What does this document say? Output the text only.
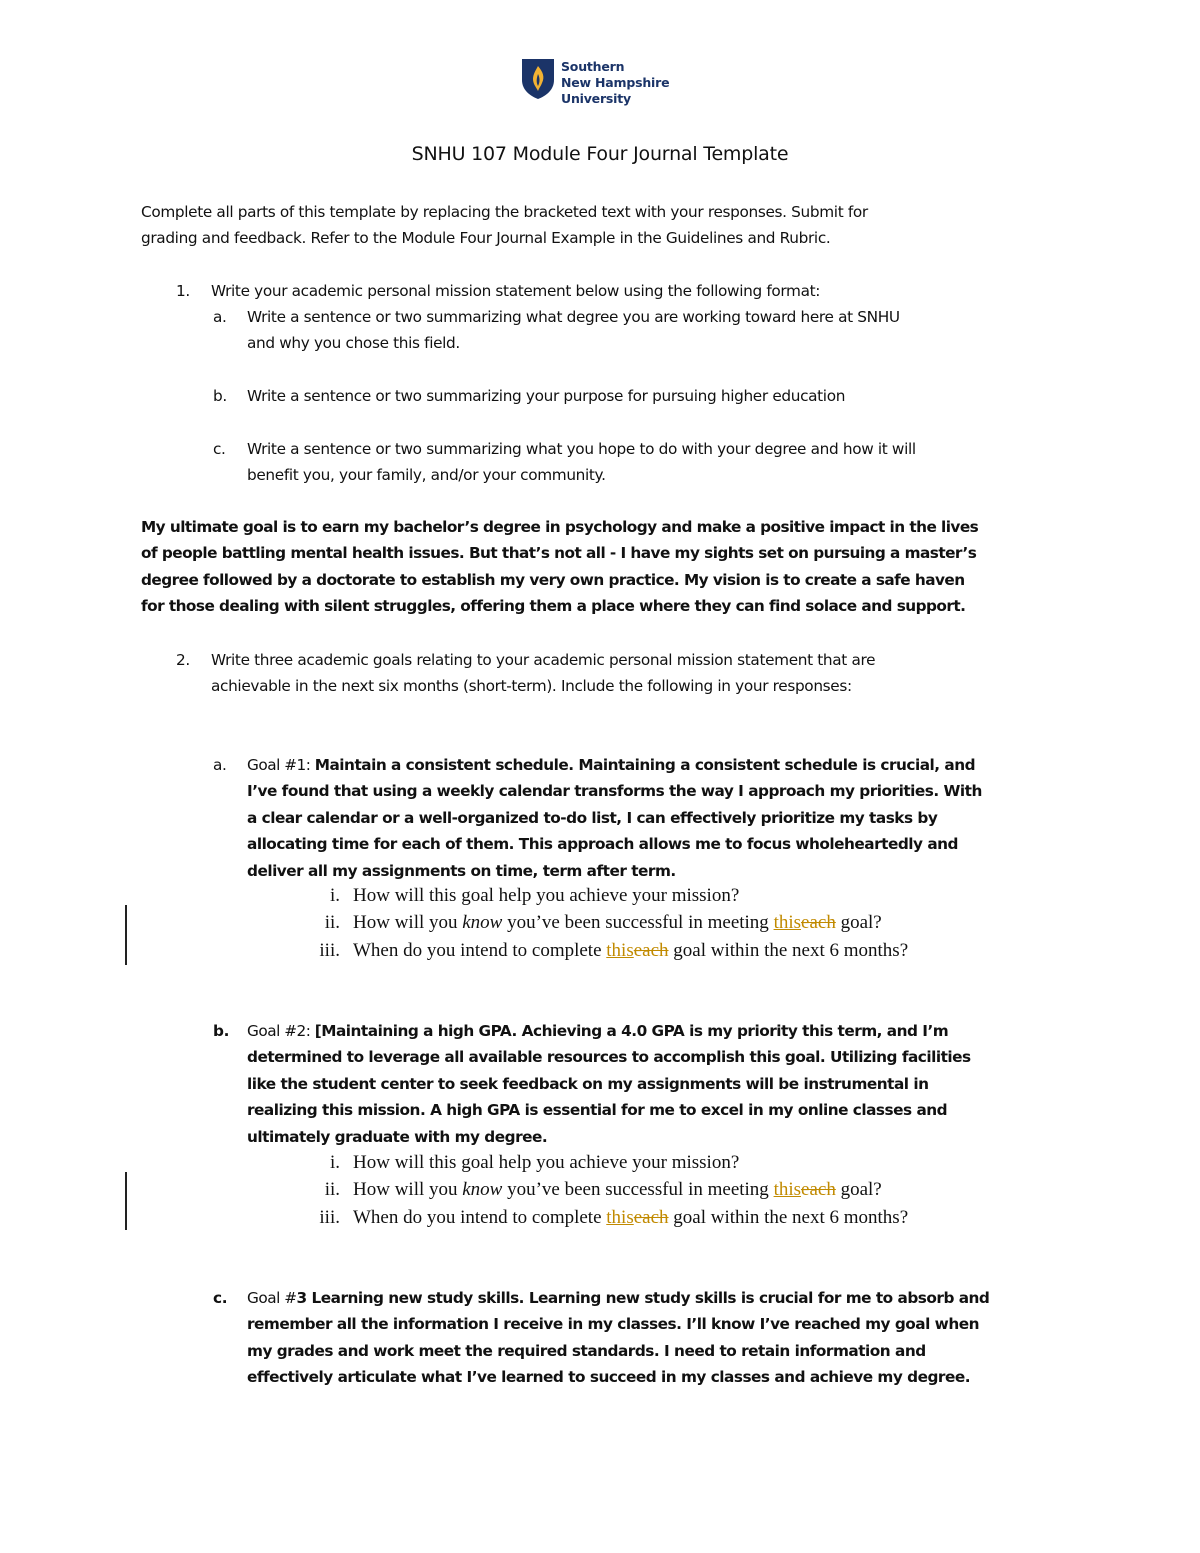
Southern
New Hampshire
University
SNHU 107 Module Four Journal Template
Complete all parts of this template by replacing the bracketed text with your responses. Submit for
grading and feedback. Refer to the Module Four Journal Example in the Guidelines and Rubric.
1. Write your academic personal mission statement below using the following format:
a. Write a sentence or two summarizing what degree you are working toward here at SNHU
and why you chose this field.
b. Write a sentence or two summarizing your purpose for pursuing higher education
c. Write a sentence or two summarizing what you hope to do with your degree and how it will
benefit you, your family, and/or your community.
My ultimate goal is to earn my bachelor’s degree in psychology and make a positive impact in the lives
of people battling mental health issues. But that’s not all - I have my sights set on pursuing a master’s
degree followed by a doctorate to establish my very own practice. My vision is to create a safe haven
for those dealing with silent struggles, offering them a place where they can find solace and support.
2. Write three academic goals relating to your academic personal mission statement that are
achievable in the next six months (short-term). Include the following in your responses:
a. Goal #1: Maintain a consistent schedule. Maintaining a consistent schedule is crucial, and
I’ve found that using a weekly calendar transforms the way I approach my priorities. With
a clear calendar or a well-organized to-do list, I can effectively prioritize my tasks by
allocating time for each of them. This approach allows me to focus wholeheartedly and
deliver all my assignments on time, term after term.
i.
ii.
iii.
How will this goal help you achieve your mission?
How will you know you’ve been successful in meeting thiseach goal?
When do you intend to complete thiseach goal within the next 6 months?
b. Goal #2: [Maintaining a high GPA. Achieving a 4.0 GPA is my priority this term, and I’m
determined to leverage all available resources to accomplish this goal. Utilizing facilities
like the student center to seek feedback on my assignments will be instrumental in
realizing this mission. A high GPA is essential for me to excel in my online classes and
ultimately graduate with my degree.
i.
ii.
iii.
How will this goal help you achieve your mission?
How will you know you’ve been successful in meeting thiseach goal?
When do you intend to complete thiseach goal within the next 6 months?
c. Goal #3 Learning new study skills. Learning new study skills is crucial for me to absorb and
remember all the information I receive in my classes. I’ll know I’ve reached my goal when
my grades and work meet the required standards. I need to retain information and
effectively articulate what I’ve learned to succeed in my classes and achieve my degree.
